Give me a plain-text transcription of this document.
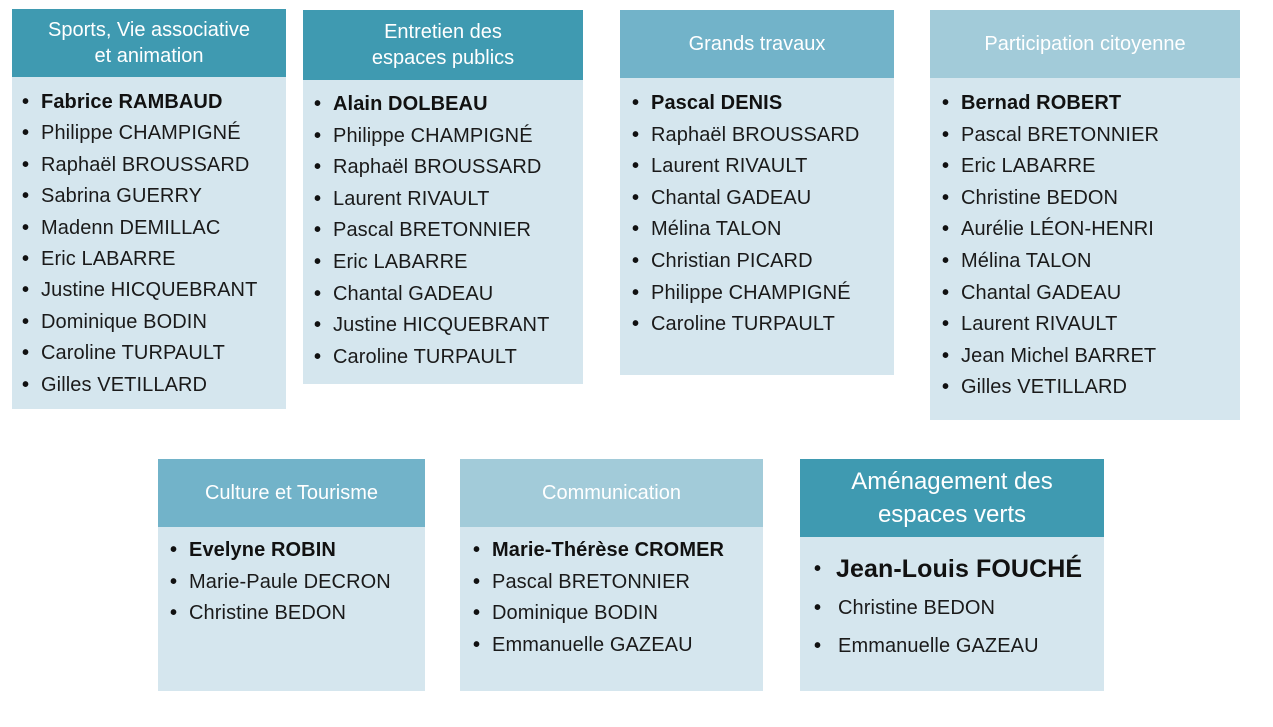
Sports, Vie associative
et animation
• Fabrice RAMBAUD
• Philippe CHAMPIGNÉ
• Raphaël BROUSSARD
• Sabrina GUERRY
• Madenn DEMILLAC
• Eric LABARRE
• Justine HICQUEBRANT
• Dominique BODIN
• Caroline TURPAULT
• Gilles VETILLARD
Entretien des
espaces publics
• Alain DOLBEAU
• Philippe CHAMPIGNÉ
• Raphaël BROUSSARD
• Laurent RIVAULT
• Pascal BRETONNIER
• Eric LABARRE
• Chantal GADEAU
• Justine HICQUEBRANT
• Caroline TURPAULT
Grands travaux
• Pascal DENIS
• Raphaël BROUSSARD
• Laurent RIVAULT
• Chantal GADEAU
• Mélina TALON
• Christian PICARD
• Philippe CHAMPIGNÉ
• Caroline TURPAULT
Participation citoyenne
• Bernad ROBERT
• Pascal BRETONNIER
• Eric LABARRE
• Christine BEDON
• Aurélie LÉON-HENRI
• Mélina TALON
• Chantal GADEAU
• Laurent RIVAULT
• Jean Michel BARRET
• Gilles VETILLARD
Culture et Tourisme
• Evelyne ROBIN
• Marie-Paule DECRON
• Christine BEDON
Communication
• Marie-Thérèse CROMER
• Pascal BRETONNIER
• Dominique BODIN
• Emmanuelle GAZEAU
Aménagement des
espaces verts
• Jean-Louis FOUCHÉ
• Christine BEDON
• Emmanuelle GAZEAU
